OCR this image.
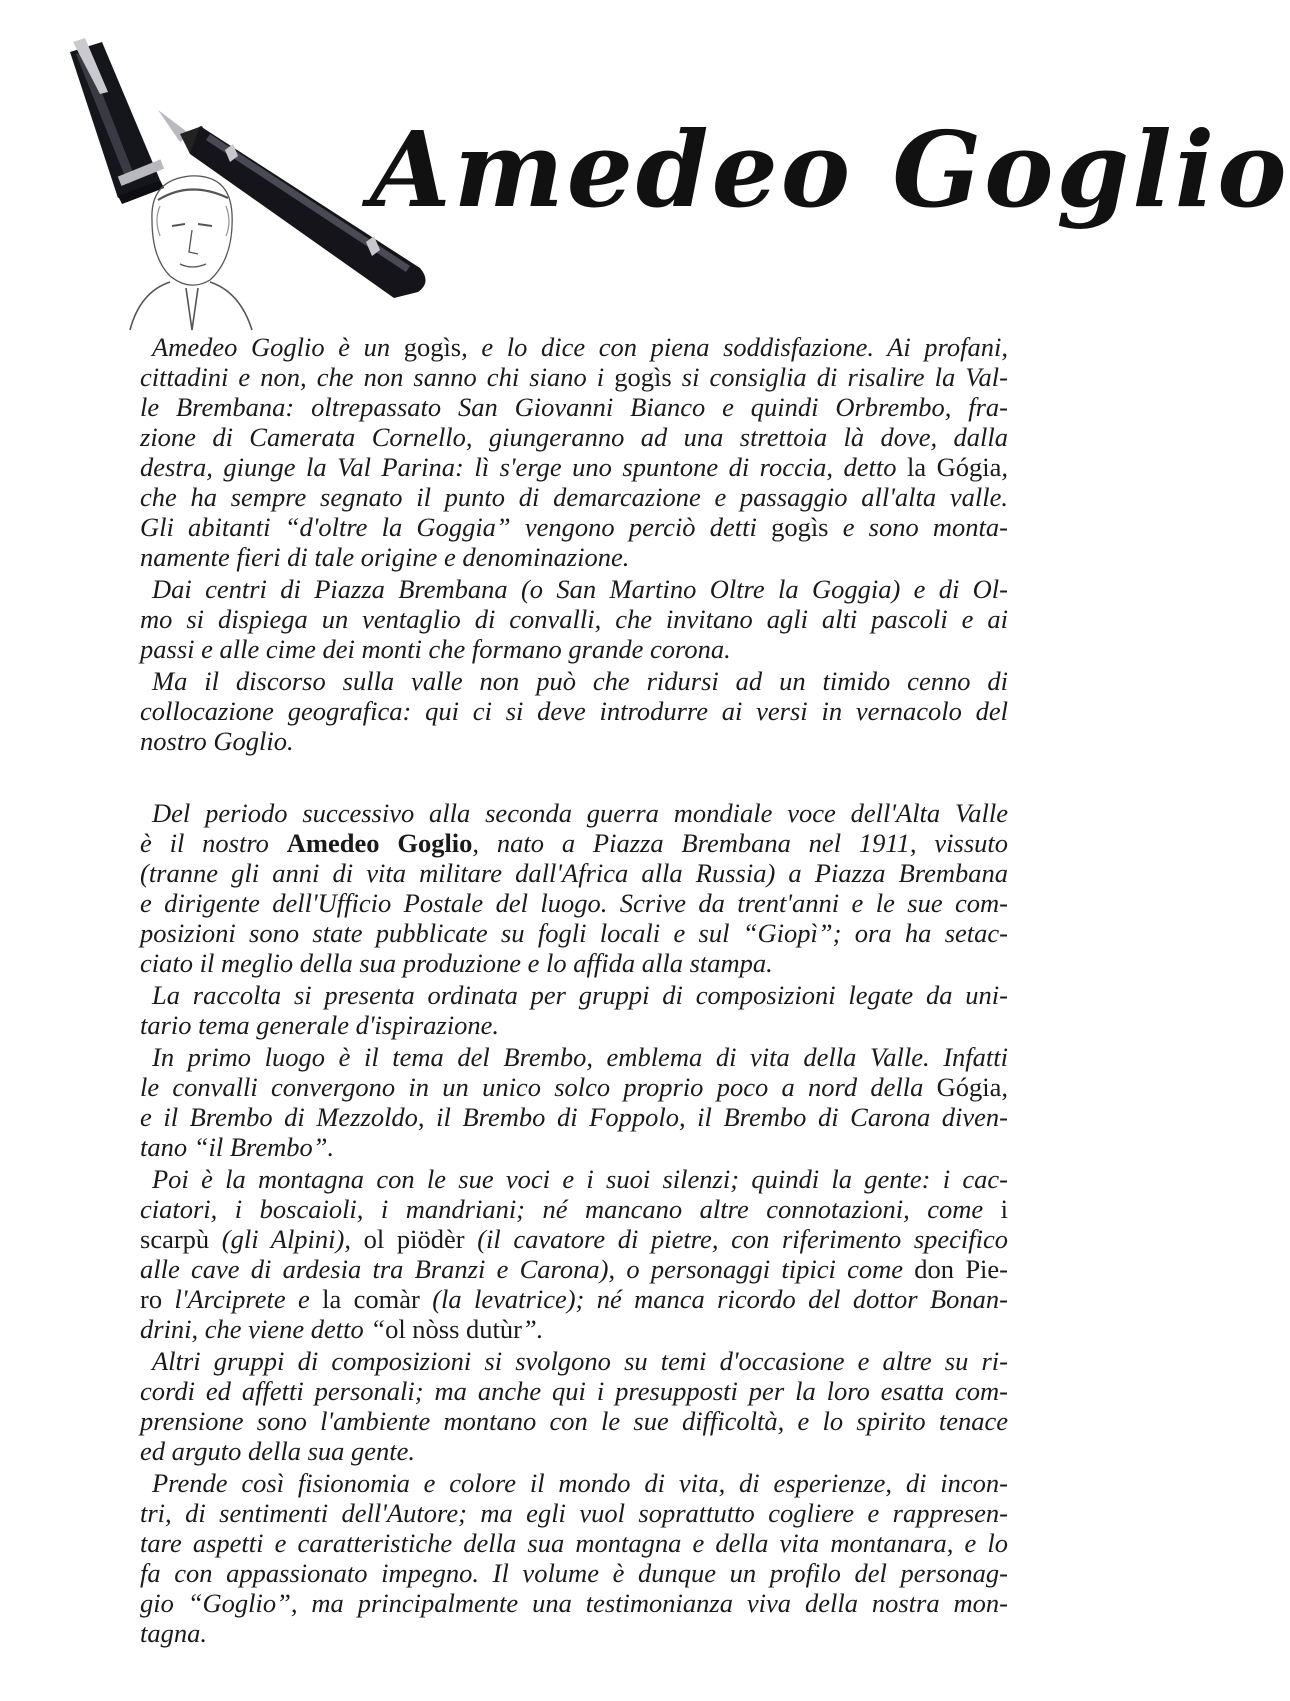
Amedeo Goglio

Amedeo Goglio è un gogìs, e lo dice con piena soddisfazione. Ai profani,
cittadini e non, che non sanno chi siano i gogìs si consiglia di risalire la Val-
le Brembana: oltrepassato San Giovanni Bianco e quindi Orbrembo, fra-
zione di Camerata Cornello, giungeranno ad una strettoia là dove, dalla
destra, giunge la Val Parina: lì s'erge uno spuntone di roccia, detto la Gógia,
che ha sempre segnato il punto di demarcazione e passaggio all'alta valle.
Gli abitanti “d'oltre la Goggia” vengono perciò detti gogìs e sono monta-
namente fieri di tale origine e denominazione.

Dai centri di Piazza Brembana (o San Martino Oltre la Goggia) e di Ol-
mo si dispiega un ventaglio di convalli, che invitano agli alti pascoli e ai
passi e alle cime dei monti che formano grande corona.

Ma il discorso sulla valle non può che ridursi ad un timido cenno di
collocazione geografica: qui ci si deve introdurre ai versi in vernacolo del
nostro Goglio.

Del periodo successivo alla seconda guerra mondiale voce dell'Alta Valle
è il nostro Amedeo Goglio, nato a Piazza Brembana nel 1911, vissuto
(tranne gli anni di vita militare dall'Africa alla Russia) a Piazza Brembana
e dirigente dell'Ufficio Postale del luogo. Scrive da trent'anni e le sue com-
posizioni sono state pubblicate su fogli locali e sul “Giopì”; ora ha setac-
ciato il meglio della sua produzione e lo affida alla stampa.

La raccolta si presenta ordinata per gruppi di composizioni legate da uni-
tario tema generale d'ispirazione.

In primo luogo è il tema del Brembo, emblema di vita della Valle. Infatti
le convalli convergono in un unico solco proprio poco a nord della Gógia,
e il Brembo di Mezzoldo, il Brembo di Foppolo, il Brembo di Carona diven-
tano “il Brembo”.

Poi è la montagna con le sue voci e i suoi silenzi; quindi la gente: i cac-
ciatori, i boscaioli, i mandriani; né mancano altre connotazioni, come i
scarpù (gli Alpini), ol piödèr (il cavatore di pietre, con riferimento specifico
alle cave di ardesia tra Branzi e Carona), o personaggi tipici come don Pie-
ro l'Arciprete e la comàr (la levatrice); né manca ricordo del dottor Bonan-
drini, che viene detto “ol nòss dutùr”.

Altri gruppi di composizioni si svolgono su temi d'occasione e altre su ri-
cordi ed affetti personali; ma anche qui i presupposti per la loro esatta com-
prensione sono l'ambiente montano con le sue difficoltà, e lo spirito tenace
ed arguto della sua gente.

Prende così fisionomia e colore il mondo di vita, di esperienze, di incon-
tri, di sentimenti dell'Autore; ma egli vuol soprattutto cogliere e rappresen-
tare aspetti e caratteristiche della sua montagna e della vita montanara, e lo
fa con appassionato impegno. Il volume è dunque un profilo del personag-
gio “Goglio”, ma principalmente una testimonianza viva della nostra mon-
tagna.
